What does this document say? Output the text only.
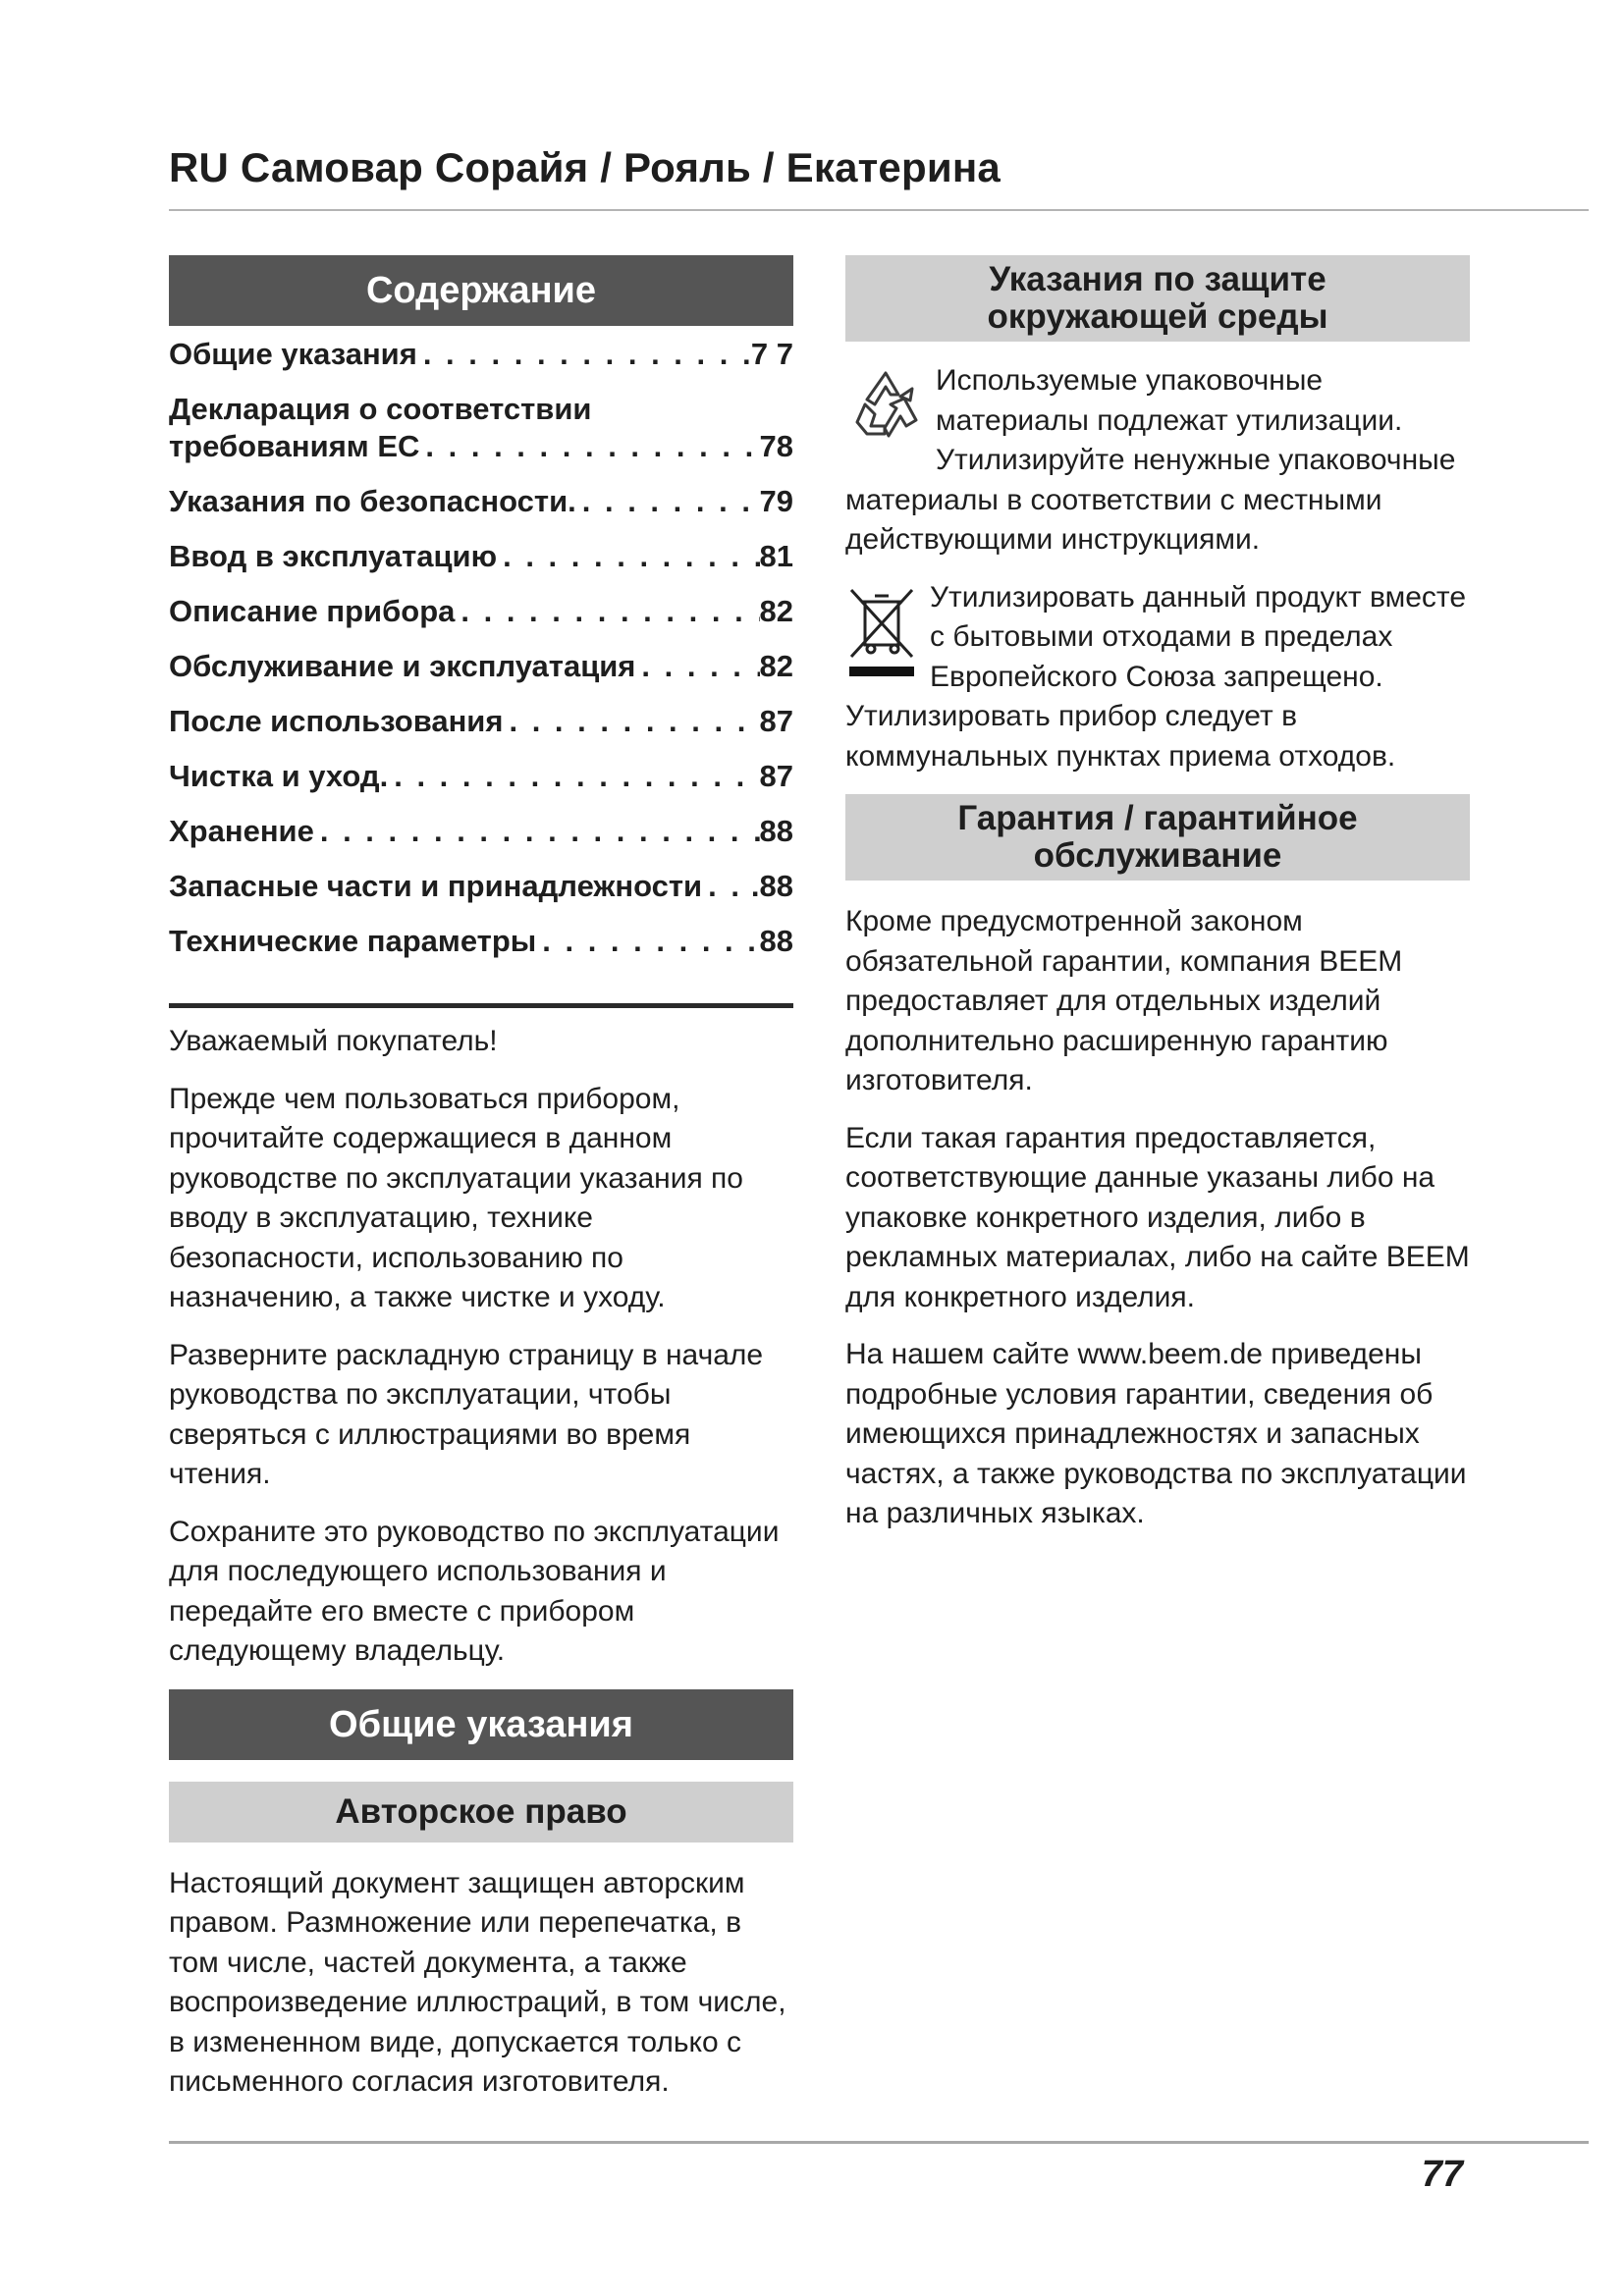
RU Самовар Сорайя / Рояль / Екатерина
Содержание
Общие указания . . .	7 7
Декларация о соответствии
требованиям ЕС . . .	78
Указания по безопасности. . . .	79
Ввод в эксплуатацию . . .	81
Описание прибора . . .	82
Обслуживание и эксплуатация . . .	82
После использования . . .	87
Чистка и уход. . . .	87
Хранение . . .	88
Запасные части и принадлежности . . . .88
Технические параметры . . .	88

Уважаемый покупатель!

Прежде чем пользоваться прибором, прочитайте содержащиеся в данном руководстве по эксплуатации указания по вводу в эксплуатацию, технике безопасности, использованию по назначению, а также чистке и уходу.

Разверните раскладную страницу в начале руководства по эксплуатации, чтобы сверяться с иллюстрациями во время чтения.

Сохраните это руководство по эксплуатации для последующего использования и передайте его вместе с прибором следующему владельцу.

Общие указания
Авторское право

Настоящий документ защищен авторским правом. Размножение или перепечатка, в том числе, частей документа, а также воспроизведение иллюстраций, в том числе, в измененном виде, допускается только с письменного согласия изготовителя.

Указания по защите
окружающей среды

Используемые упаковочные материалы подлежат утилизации. Утилизируйте ненужные упаковочные материалы в соответствии с местными действующими инструкциями.

Утилизировать данный продукт вместе с бытовыми отходами в пределах Европейского Союза запрещено. Утилизировать прибор следует в коммунальных пунктах приема отходов.

Гарантия / гарантийное
обслуживание

Кроме предусмотренной законом обязательной гарантии, компания BEEM предоставляет для отдельных изделий дополнительно расширенную гарантию изготовителя.

Если такая гарантия предоставляется, соответствующие данные указаны либо на упаковке конкретного изделия, либо в рекламных материалах, либо на сайте BEEM для конкретного изделия.

На нашем сайте www.beem.de приведены подробные условия гарантии, сведения об имеющихся принадлежностях и запасных частях, а также руководства по эксплуатации на различных языках.

77
